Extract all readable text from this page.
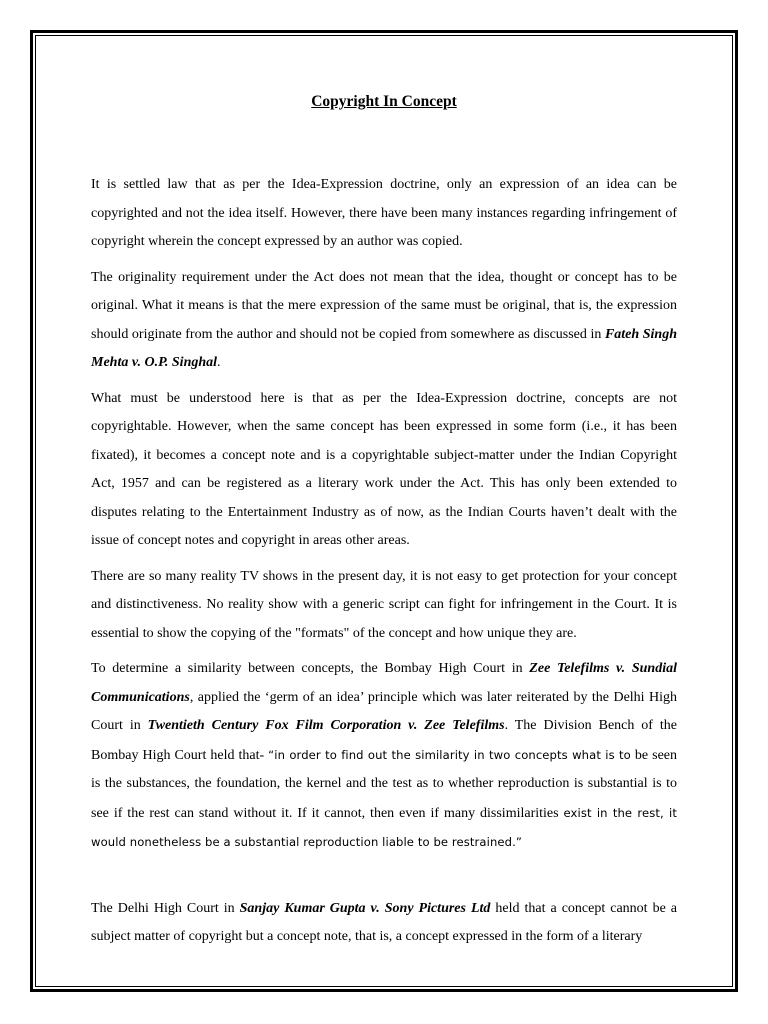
Copyright In Concept

It is settled law that as per the Idea-Expression doctrine, only an expression of an idea can be copyrighted and not the idea itself. However, there have been many instances regarding infringement of copyright wherein the concept expressed by an author was copied.

The originality requirement under the Act does not mean that the idea, thought or concept has to be original. What it means is that the mere expression of the same must be original, that is, the expression should originate from the author and should not be copied from somewhere as discussed in Fateh Singh Mehta v. O.P. Singhal.

What must be understood here is that as per the Idea-Expression doctrine, concepts are not copyrightable. However, when the same concept has been expressed in some form (i.e., it has been fixated), it becomes a concept note and is a copyrightable subject-matter under the Indian Copyright Act, 1957 and can be registered as a literary work under the Act. This has only been extended to disputes relating to the Entertainment Industry as of now, as the Indian Courts haven’t dealt with the issue of concept notes and copyright in areas other areas.

There are so many reality TV shows in the present day, it is not easy to get protection for your concept and distinctiveness. No reality show with a generic script can fight for infringement in the Court. It is essential to show the copying of the "formats" of the concept and how unique they are.

To determine a similarity between concepts, the Bombay High Court in Zee Telefilms v. Sundial Communications, applied the ‘germ of an idea’ principle which was later reiterated by the Delhi High Court in Twentieth Century Fox Film Corporation v. Zee Telefilms. The Division Bench of the Bombay High Court held that- “in order to find out the similarity in two concepts what is to be seen is the substances, the foundation, the kernel and the test as to whether reproduction is substantial is to see if the rest can stand without it. If it cannot, then even if many dissimilarities exist in the rest, it would nonetheless be a substantial reproduction liable to be restrained.”

The Delhi High Court in Sanjay Kumar Gupta v. Sony Pictures Ltd held that a concept cannot be a subject matter of copyright but a concept note, that is, a concept expressed in the form of a literary
